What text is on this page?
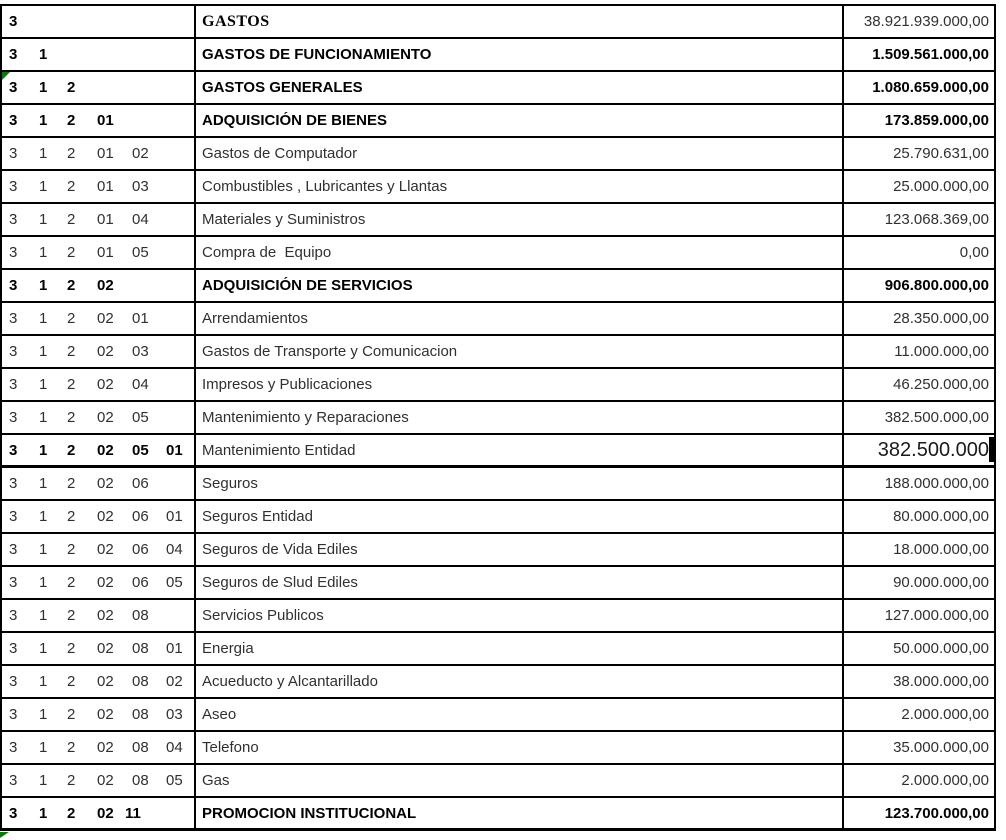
3	GASTOS	38.921.939.000,00
3	1	GASTOS DE FUNCIONAMIENTO	1.509.561.000,00
3	1	2	GASTOS GENERALES	1.080.659.000,00
3	1	2	01	ADQUISICIÓN DE BIENES	173.859.000,00
3	1	2	01	02	Gastos de Computador	25.790.631,00
3	1	2	01	03	Combustibles , Lubricantes y Llantas	25.000.000,00
3	1	2	01	04	Materiales y Suministros	123.068.369,00
3	1	2	01	05	Compra de  Equipo	0,00
3	1	2	02	ADQUISICIÓN DE SERVICIOS	906.800.000,00
3	1	2	02	01	Arrendamientos	28.350.000,00
3	1	2	02	03	Gastos de Transporte y Comunicacion	11.000.000,00
3	1	2	02	04	Impresos y Publicaciones	46.250.000,00
3	1	2	02	05	Mantenimiento y Reparaciones	382.500.000,00
3	1	2	02	05	01	Mantenimiento Entidad	382.500.000
3	1	2	02	06	Seguros	188.000.000,00
3	1	2	02	06	01	Seguros Entidad	80.000.000,00
3	1	2	02	06	04	Seguros de Vida Ediles	18.000.000,00
3	1	2	02	06	05	Seguros de Slud Ediles	90.000.000,00
3	1	2	02	08	Servicios Publicos	127.000.000,00
3	1	2	02	08	01	Energia	50.000.000,00
3	1	2	02	08	02	Acueducto y Alcantarillado	38.000.000,00
3	1	2	02	08	03	Aseo	2.000.000,00
3	1	2	02	08	04	Telefono	35.000.000,00
3	1	2	02	08	05	Gas	2.000.000,00
3	1	2	02 11	PROMOCION INSTITUCIONAL	123.700.000,00
